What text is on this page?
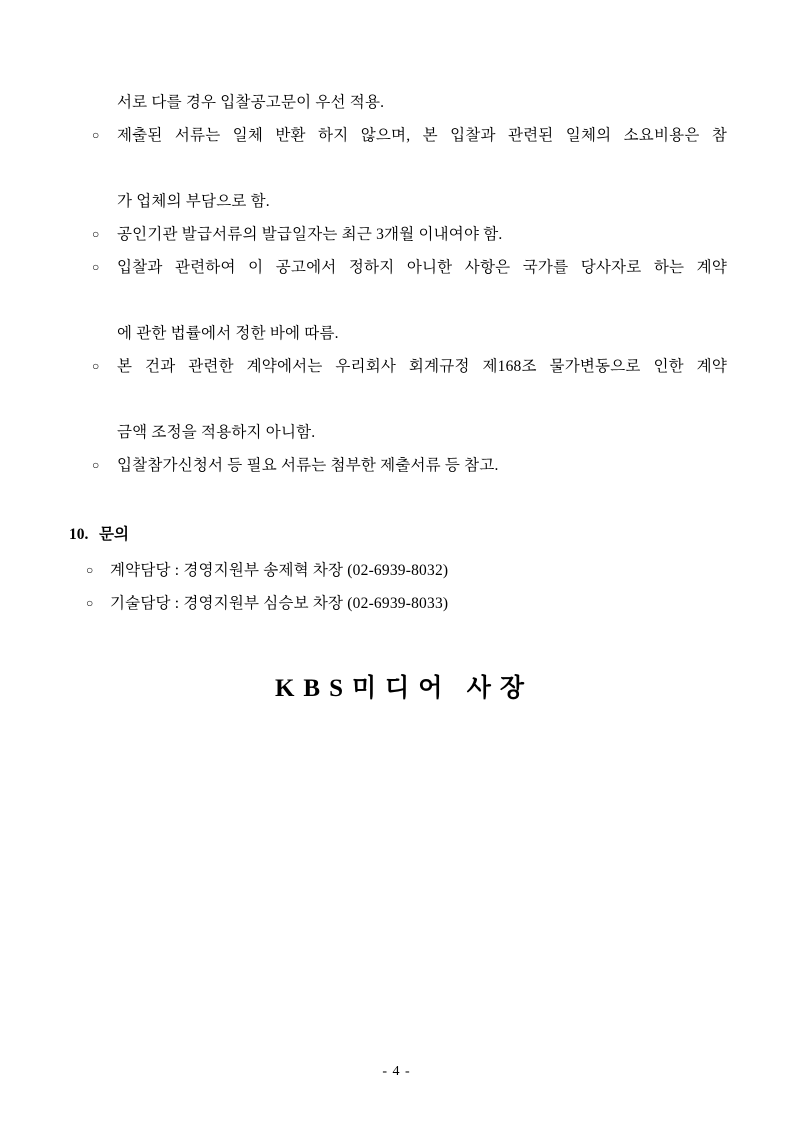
서로 다를 경우 입찰공고문이 우선 적용.
○ 제출된 서류는 일체 반환 하지 않으며, 본 입찰과 관련된 일체의 소요비용은 참
가 업체의 부담으로 함.
○ 공인기관 발급서류의 발급일자는 최근 3개월 이내여야 함.
○ 입찰과 관련하여 이 공고에서 정하지 아니한 사항은 국가를 당사자로 하는 계약
에 관한 법률에서 정한 바에 따름.
○ 본 건과 관련한 계약에서는 우리회사 회계규정 제168조 물가변동으로 인한 계약
금액 조정을 적용하지 아니함.
○ 입찰참가신청서 등 필요 서류는 첨부한 제출서류 등 참고.
10. 문의
○ 계약담당 : 경영지원부 송제혁 차장 (02-6939-8032)
○ 기술담당 : 경영지원부 심승보 차장 (02-6939-8033)
KBS미디어 사장
- 4 -
